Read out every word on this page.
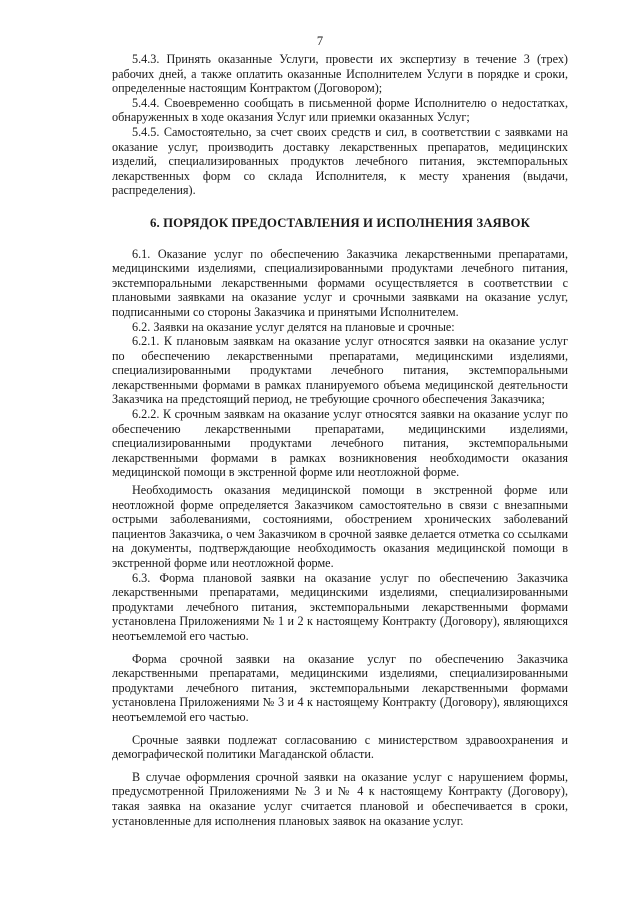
7

5.4.3. Принять оказанные Услуги, провести их экспертизу в течение 3 (трех) рабочих дней, а также оплатить оказанные Исполнителем Услуги в порядке и сроки, определенные настоящим Контрактом (Договором);

5.4.4. Своевременно сообщать в письменной форме Исполнителю о недостатках, обнаруженных в ходе оказания Услуг или приемки оказанных Услуг;

5.4.5. Самостоятельно, за счет своих средств и сил, в соответствии с заявками на оказание услуг, производить доставку лекарственных препаратов, медицинских изделий, специализированных продуктов лечебного питания, экстемпоральных лекарственных форм со склада Исполнителя, к месту хранения (выдачи, распределения).

6. ПОРЯДОК ПРЕДОСТАВЛЕНИЯ И ИСПОЛНЕНИЯ ЗАЯВОК

6.1. Оказание услуг по обеспечению Заказчика лекарственными препаратами, медицинскими изделиями, специализированными продуктами лечебного питания, экстемпоральными лекарственными формами осуществляется в соответствии с плановыми заявками на оказание услуг и срочными заявками на оказание услуг, подписанными со стороны Заказчика и принятыми Исполнителем.

6.2. Заявки на оказание услуг делятся на плановые и срочные:

6.2.1. К плановым заявкам на оказание услуг относятся заявки на оказание услуг по обеспечению лекарственными препаратами, медицинскими изделиями, специализированными продуктами лечебного питания, экстемпоральными лекарственными формами в рамках планируемого объема медицинской деятельности Заказчика на предстоящий период, не требующие срочного обеспечения Заказчика;

6.2.2. К срочным заявкам на оказание услуг относятся заявки на оказание услуг по обеспечению лекарственными препаратами, медицинскими изделиями, специализированными продуктами лечебного питания, экстемпоральными лекарственными формами в рамках возникновения необходимости оказания медицинской помощи в экстренной форме или неотложной форме.

Необходимость оказания медицинской помощи в экстренной форме или неотложной форме определяется Заказчиком самостоятельно в связи с внезапными острыми заболеваниями, состояниями, обострением хронических заболеваний пациентов Заказчика, о чем Заказчиком в срочной заявке делается отметка со ссылками на документы, подтверждающие необходимость оказания медицинской помощи в экстренной форме или неотложной форме.

6.3. Форма плановой заявки на оказание услуг по обеспечению Заказчика лекарственными препаратами, медицинскими изделиями, специализированными продуктами лечебного питания, экстемпоральными лекарственными формами установлена Приложениями № 1 и 2 к настоящему Контракту (Договору), являющихся неотъемлемой его частью.

Форма срочной заявки на оказание услуг по обеспечению Заказчика лекарственными препаратами, медицинскими изделиями, специализированными продуктами лечебного питания, экстемпоральными лекарственными формами установлена Приложениями № 3 и 4 к настоящему Контракту (Договору), являющихся неотъемлемой его частью.

Срочные заявки подлежат согласованию с министерством здравоохранения и демографической политики Магаданской области.

В случае оформления срочной заявки на оказание услуг с нарушением формы, предусмотренной Приложениями № 3 и № 4 к настоящему Контракту (Договору), такая заявка на оказание услуг считается плановой и обеспечивается в сроки, установленные для исполнения плановых заявок на оказание услуг.
